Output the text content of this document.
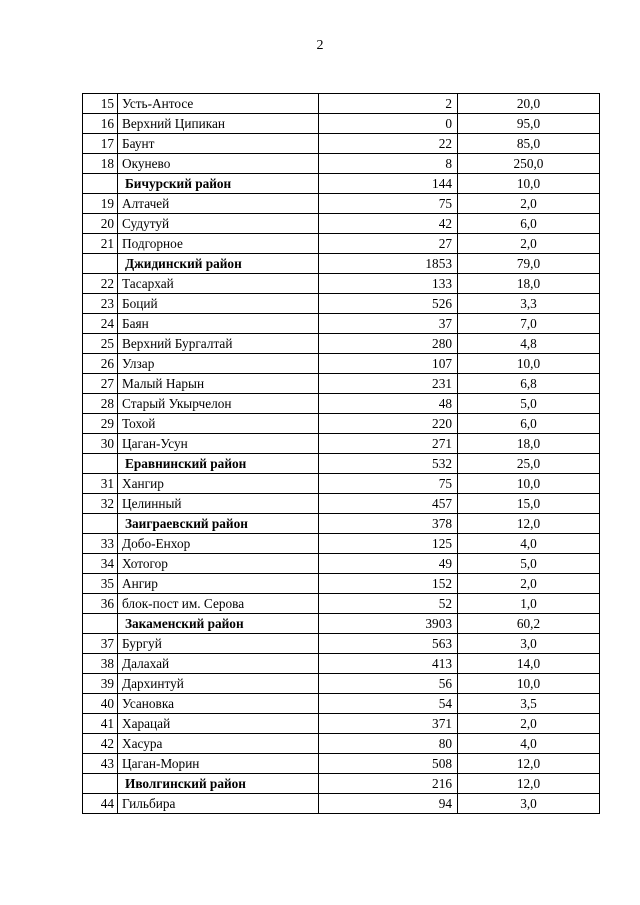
2
15	Усть-Антосе	2	20,0
16	Верхний Ципикан	0	95,0
17	Баунт	22	85,0
18	Окунево	8	250,0
	Бичурский район	144	10,0
19	Алтачей	75	2,0
20	Судутуй	42	6,0
21	Подгорное	27	2,0
	Джидинский район	1853	79,0
22	Тасархай	133	18,0
23	Боций	526	3,3
24	Баян	37	7,0
25	Верхний Бургалтай	280	4,8
26	Улзар	107	10,0
27	Малый Нарын	231	6,8
28	Старый Укырчелон	48	5,0
29	Тохой	220	6,0
30	Цаган-Усун	271	18,0
	Еравнинский район	532	25,0
31	Хангир	75	10,0
32	Целинный	457	15,0
	Заиграевский район	378	12,0
33	Добо-Енхор	125	4,0
34	Хотогор	49	5,0
35	Ангир	152	2,0
36	блок-пост им. Серова	52	1,0
	Закаменский район	3903	60,2
37	Бургуй	563	3,0
38	Далахай	413	14,0
39	Дархинтуй	56	10,0
40	Усановка	54	3,5
41	Харацай	371	2,0
42	Хасура	80	4,0
43	Цаган-Морин	508	12,0
	Иволгинский район	216	12,0
44	Гильбира	94	3,0
